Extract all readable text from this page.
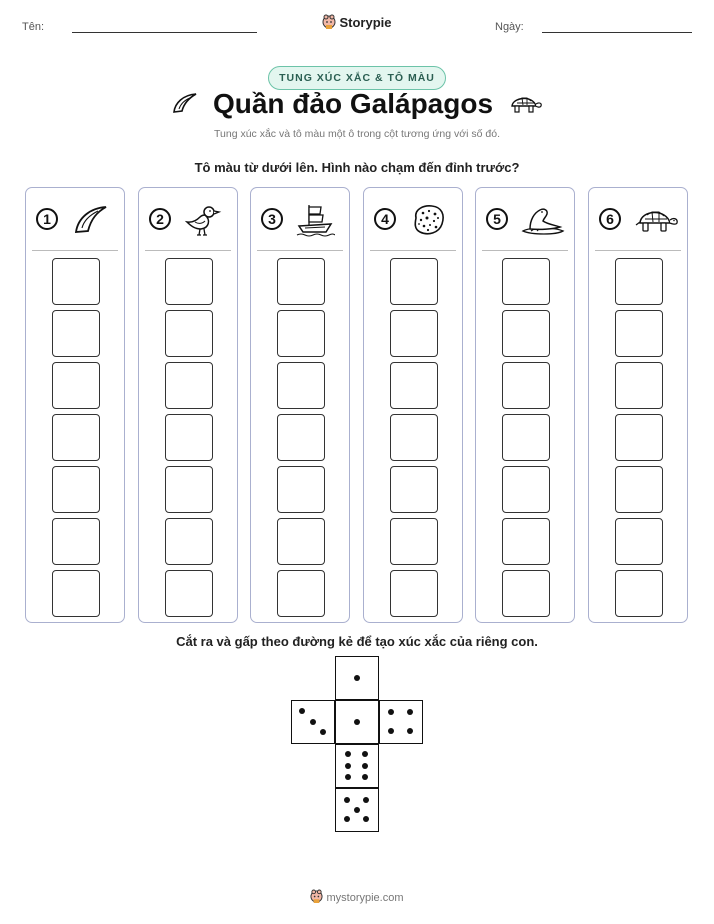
Tên:	Storypie	Ngày:
TUNG XÚC XẮC & TÔ MÀU
Quần đảo Galápagos
Tung xúc xắc và tô màu một ô trong cột tương ứng với số đó.
Tô màu từ dưới lên. Hình nào chạm đến đỉnh trước?
1	2	3	4	5	6
Cắt ra và gấp theo đường kẻ để tạo xúc xắc của riêng con.
mystorypie.com
